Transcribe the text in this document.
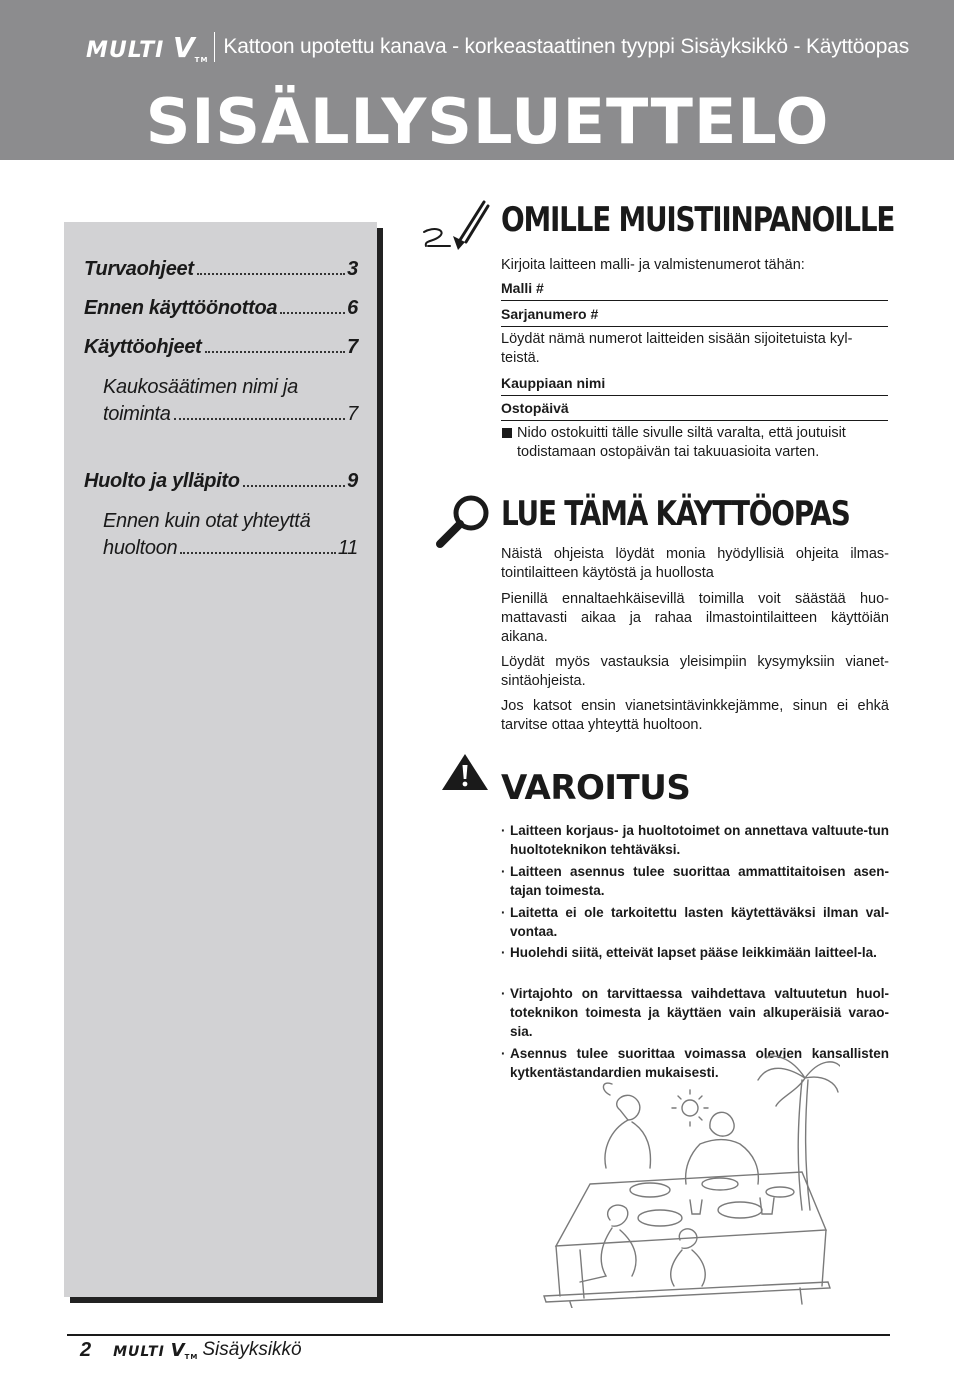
MULTI VTM
Kattoon upotettu kanava - korkeastaattinen tyyppi Sisäyksikkö - Käyttöopas
SISÄLLYSLUETTELO
Turvaohjeet	3
Ennen käyttöönottoa	6
Käyttöohjeet	7
Kaukosäätimen nimi ja
toiminta	7
Huolto ja ylläpito	9
Ennen kuin otat yhteyttä
huoltoon	11
OMILLE MUISTIINPANOILLE
Kirjoita laitteen malli- ja valmistenumerot tähän:
Malli #
Sarjanumero #
Löydät nämä numerot laitteiden sisään sijoitetuista kyl-teistä.
Kauppiaan nimi
Ostopäivä
Nido ostokuitti tälle sivulle siltä varalta, että joutuisit todistamaan ostopäivän tai takuuasioita varten.
LUE TÄMÄ KÄYTTÖOPAS
Näistä ohjeista löydät monia hyödyllisiä ohjeita ilmas-tointilaitteen käytöstä ja huollosta
Pienillä ennaltaehkäisevillä toimilla voit säästää huo-mattavasti aikaa ja rahaa ilmastointilaitteen käyttöiän aikana.
Löydät myös vastauksia yleisimpiin kysymyksiin vianet-sintäohjeista.
Jos katsot ensin vianetsintävinkkejämme, sinun ei ehkä tarvitse ottaa yhteyttä huoltoon.
VAROITUS
· Laitteen korjaus- ja huoltotoimet on annettava valtuute-tun huoltoteknikon tehtäväksi.
· Laitteen asennus tulee suorittaa ammattitaitoisen asen-tajan toimesta.
· Laitetta ei ole tarkoitettu lasten käytettäväksi ilman val-vontaa.
· Huolehdi siitä, etteivät lapset pääse leikkimään laitteel-la.
· Virtajohto on tarvittaessa vaihdettava valtuutetun huol-toteknikon toimesta ja käyttäen vain alkuperäisiä varao-sia.
· Asennus tulee suorittaa voimassa olevien kansallisten kytkentästandardien mukaisesti.
2 MULTI VTM Sisäyksikkö
